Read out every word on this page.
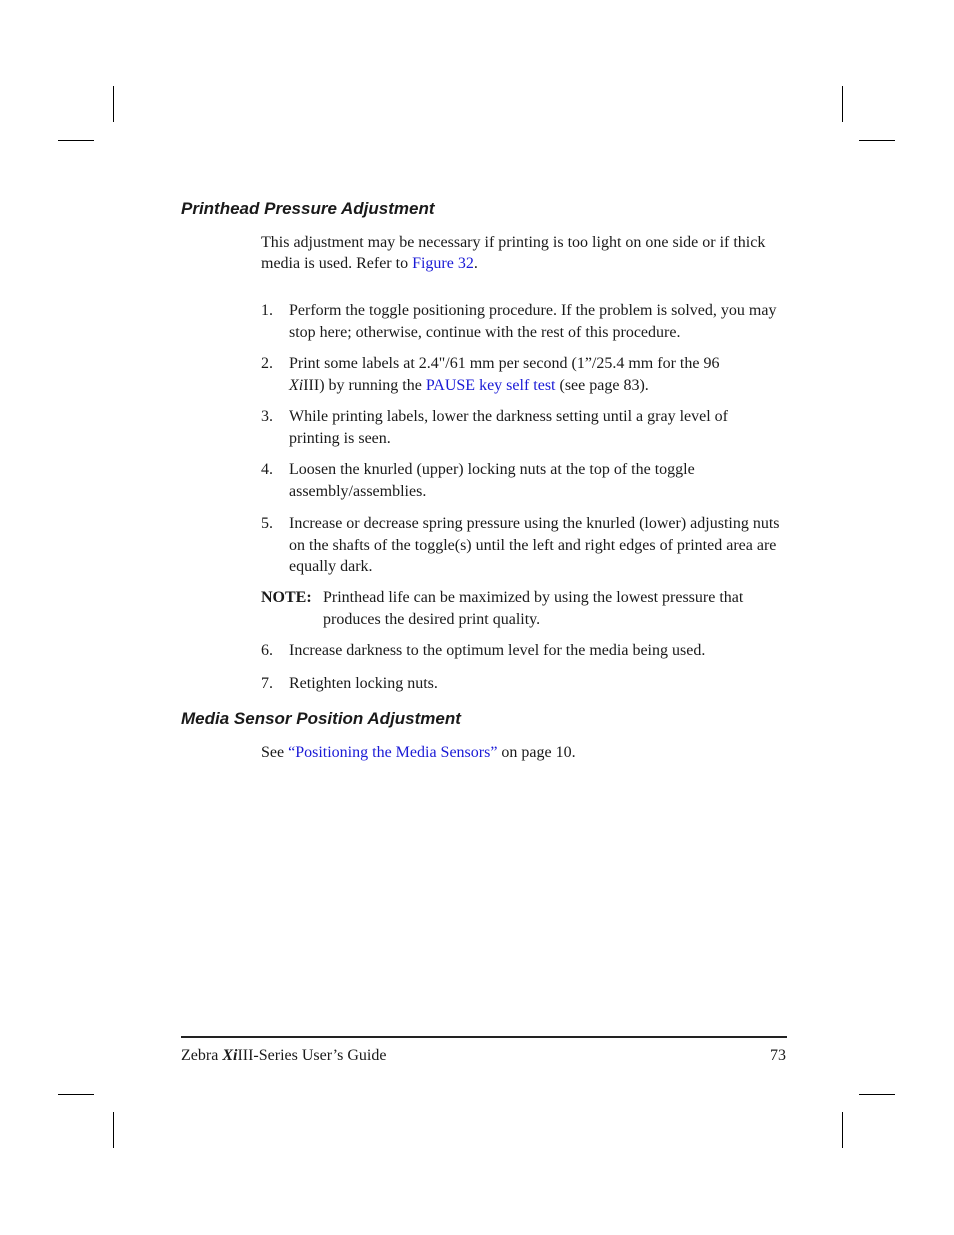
Printhead Pressure Adjustment

This adjustment may be necessary if printing is too light on one side or if thick media is used. Refer to Figure 32.

1.	Perform the toggle positioning procedure. If the problem is solved, you may stop here; otherwise, continue with the rest of this procedure.
2.	Print some labels at 2.4"/61 mm per second (1”/25.4 mm for the 96 XiIII) by running the PAUSE key self test (see page 83).
3.	While printing labels, lower the darkness setting until a gray level of printing is seen.
4.	Loosen the knurled (upper) locking nuts at the top of the toggle assembly/assemblies.
5.	Increase or decrease spring pressure using the knurled (lower) adjusting nuts on the shafts of the toggle(s) until the left and right edges of printed area are equally dark.
NOTE: Printhead life can be maximized by using the lowest pressure that produces the desired print quality.
6.	Increase darkness to the optimum level for the media being used.
7.	Retighten locking nuts.
Media Sensor Position Adjustment

See “Positioning the Media Sensors” on page 10.

Zebra XiIII-Series User’s Guide	73
